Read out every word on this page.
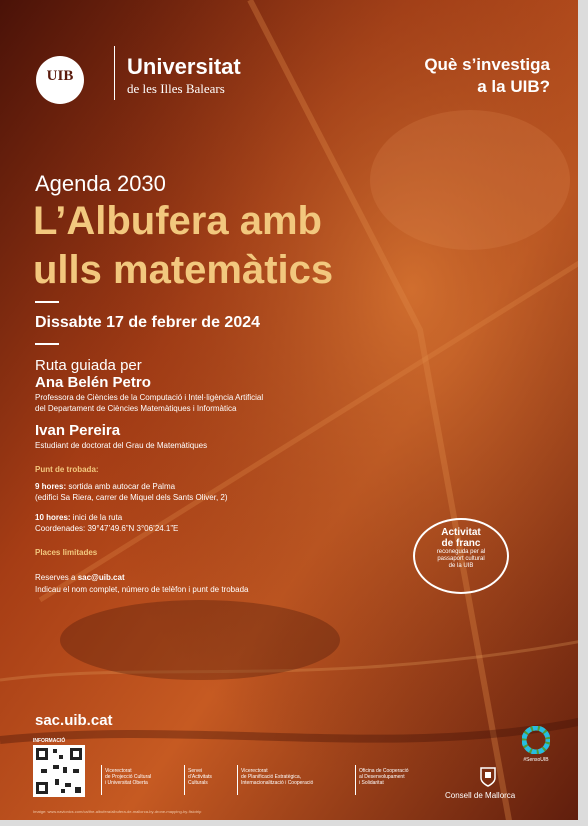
UIB	Universitat
de les Illes Balears
Què s’investiga
a la UIB?
Agenda 2030
L’Albufera amb
ulls matemàtics
Dissabte 17 de febrer de 2024
Ruta guiada per
Ana Belén Petro
Professora de Ciències de la Computació i Intel·ligència Artificial
del Departament de Ciències Matemàtiques i Informàtica
Ivan Pereira
Estudiant de doctorat del Grau de Matemàtiques
Punt de trobada:
9 hores: sortida amb autocar de Palma
(edifici Sa Riera, carrer de Miquel dels Sants Oliver, 2)
10 hores: inici de la ruta
Coordenades: 39°47’49.6”N 3°06’24.1”E
Places limitades
Reserves a sac@uib.cat
Indicau el nom complet, número de telèfon i punt de trobada
Activitat
de franc
reconeguda per al
passaport cultural
de la UIB
sac.uib.cat
INFORMACIÓ
Vicerectorat
de Projecció Cultural
i Universitat Oberta
Servei
d’Activitats
Culturals
Vicerectorat
de Planificació Estratègica,
Internacionalització i Cooperació
Oficina de Cooperació
al Desenvolupament
i Solidaritat
#SensoUIB
Consell de Mallorca
Imatge: www.navionics.com/ca/the-albufera/albufera-de-mallorca-by-drone-mapping-by-fisiotrip
